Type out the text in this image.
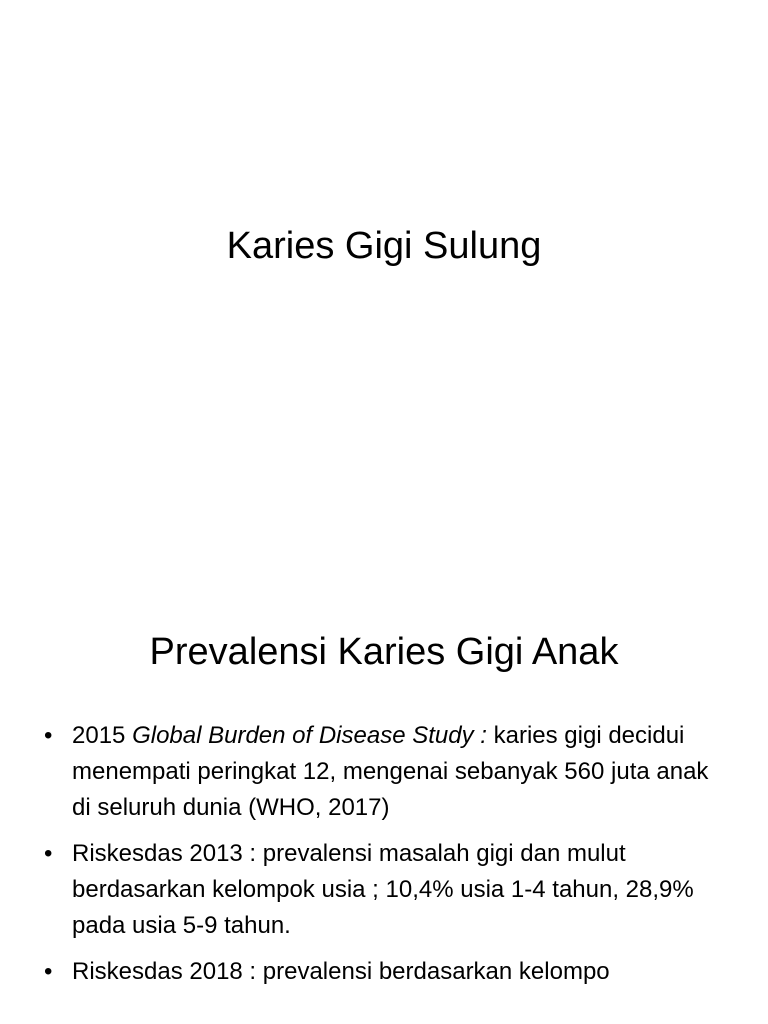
Karies Gigi Sulung
Prevalensi Karies Gigi Anak
• 2015 Global Burden of Disease Study : karies gigi decidui menempati peringkat 12, mengenai sebanyak 560 juta anak di seluruh dunia (WHO, 2017)
• Riskesdas 2013 : prevalensi masalah gigi dan mulut berdasarkan kelompok usia ; 10,4% usia 1-4 tahun, 28,9% pada usia 5-9 tahun.
• Riskesdas 2018 : prevalensi berdasarkan kelompo
